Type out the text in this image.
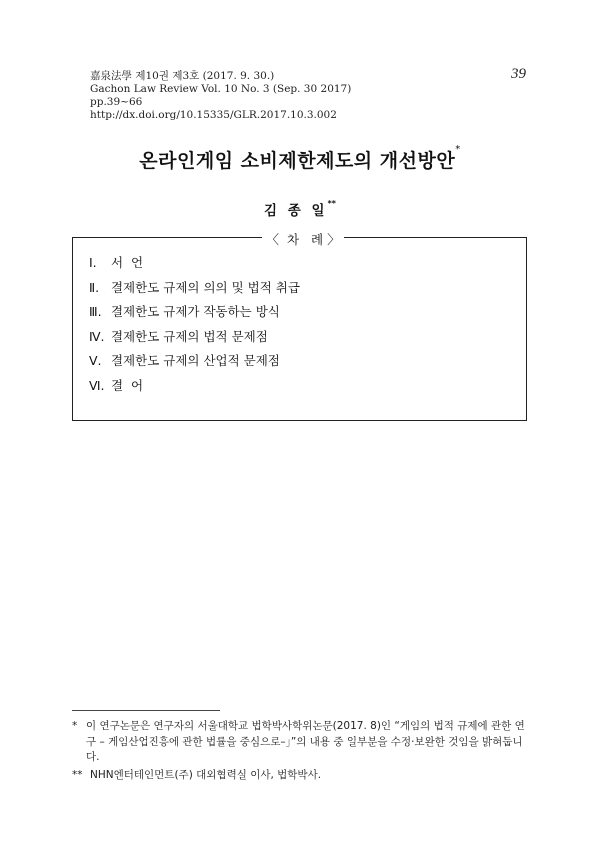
嘉泉法學 제10권 제3호 (2017. 9. 30.)
Gachon Law Review Vol. 10 No. 3 (Sep. 30 2017)
pp.39~66
http://dx.doi.org/10.15335/GLR.2017.10.3.002
39
온라인게임 소비제한제도의 개선방안*
김 종 일**
〈 차 례〉
Ⅰ. 서  언
Ⅱ. 결제한도 규제의 의의 및 법적 취급
Ⅲ. 결제한도 규제가 작동하는 방식
Ⅳ. 결제한도 규제의 법적 문제점
Ⅴ. 결제한도 규제의 산업적 문제점
Ⅵ. 결  어
* 이 연구논문은 연구자의 서울대학교 법학박사학위논문(2017. 8)인 “게임의 법적 규제에 관한 연구 – 게임산업진흥에 관한 법률을 중심으로–」”의 내용 중 일부분을 수정·보완한 것임을 밝혀둡니다.
** NHN엔터테인먼트(주) 대외협력실 이사, 법학박사.
